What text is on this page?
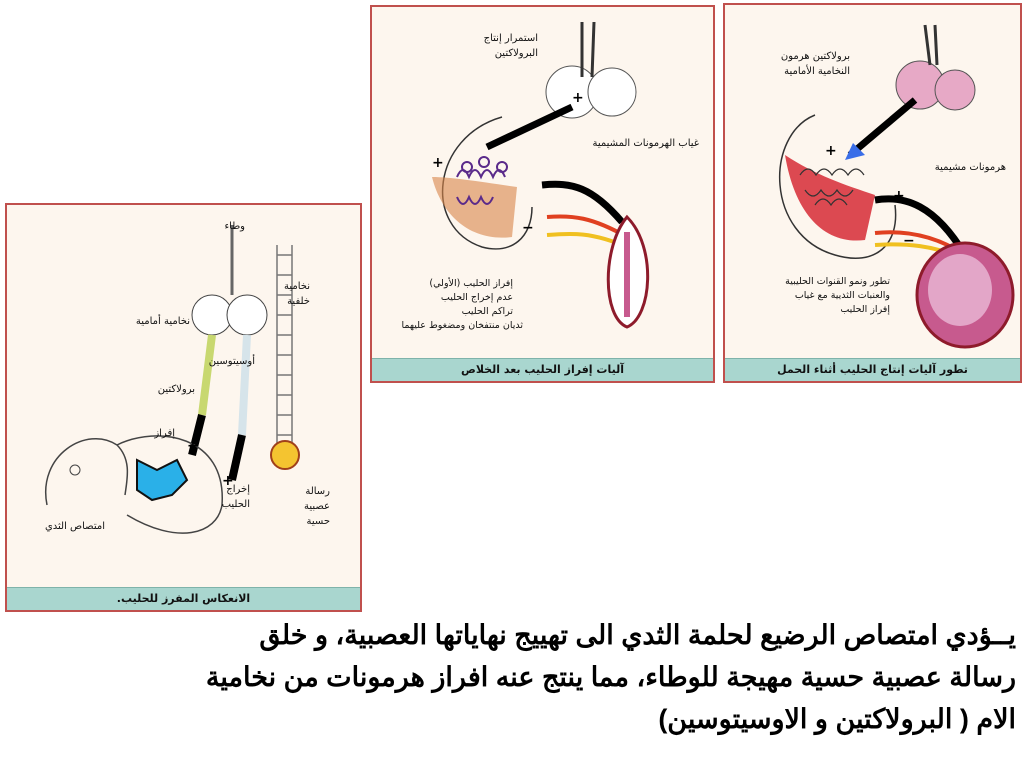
+
+
−
برولاكتين هرمون
النخامية الأمامية
هرمونات مشيمية
تطور ونمو القنوات الحليبية
والعنبات الثديية مع غياب
إفراز الحليب
تطور آليات إنتاج الحليب أثناء الحمل
+
+
−
استمرار إنتاج
البرولاكتين
غياب الهرمونات المشيمية
إفراز الحليب (الأولي)
عدم إخراج الحليب
تراكم الحليب
ثديان منتفخان ومضغوط عليهما
آليات إفراز الحليب بعد الخلاص
+
+
وطاء
نخامية
خلفية
نخامية أمامية
أوسيتوسين
برولاكتين
إفراز
إخراج
الحليب
رسالة
عصبية
حسية
امتصاص الثدي
الانعكاس المفرز للحليب.
يــؤدي امتصاص الرضيع لحلمة الثدي الى تهييج نهاياتها العصبية، و خلق
رسالة عصبية حسية مهيجة للوطاء، مما ينتج عنه افراز هرمونات من نخامية
الام ( البرولاكتين و الاوسيتوسين)
